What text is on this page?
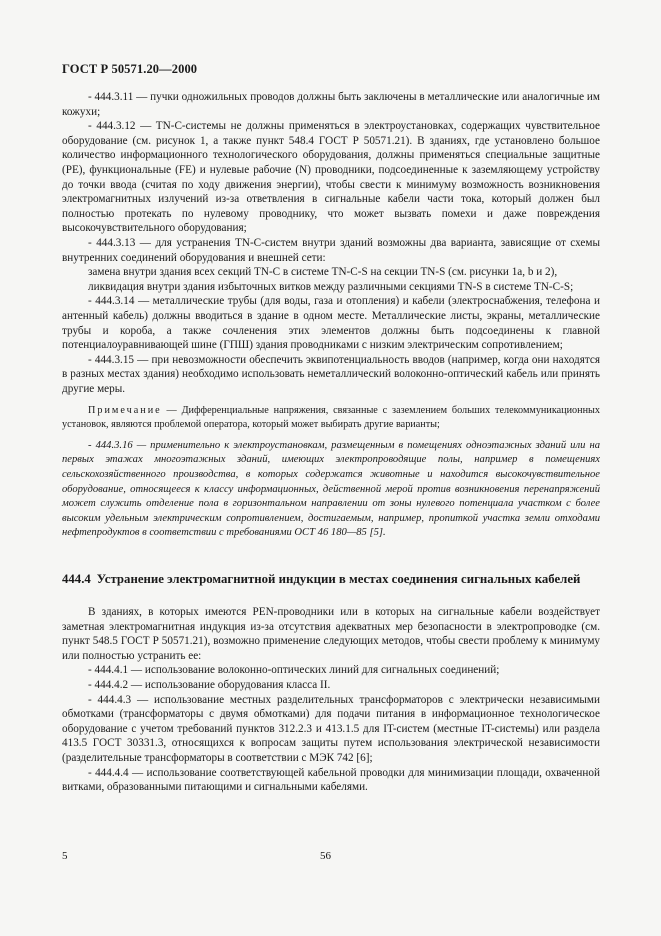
ГОСТ Р 50571.20—2000

- 444.3.11 — пучки одножильных проводов должны быть заключены в металлические или аналогичные им кожухи;

- 444.3.12 — TN-C-системы не должны применяться в электроустановках, содержащих чувствительное оборудование (см. рисунок 1, а также пункт 548.4 ГОСТ Р 50571.21). В зданиях, где установлено большое количество информационного технологического оборудования, должны применяться специальные защитные (PE), функциональные (FE) и нулевые рабочие (N) проводники, подсоединенные к заземляющему устройству до точки ввода (считая по ходу движения энергии), чтобы свести к минимуму возможность возникновения электромагнитных излучений из-за ответвления в сигнальные кабели части тока, который должен был полностью протекать по нулевому проводнику, что может вызвать помехи и даже повреждения высокочувствительного оборудования;

- 444.3.13 — для устранения TN-C-систем внутри зданий возможны два варианта, зависящие от схемы внутренних соединений оборудования и внешней сети:

замена внутри здания всех секций TN-C в системе TN-C-S на секции TN-S (см. рисунки 1a, b и 2),

ликвидация внутри здания избыточных витков между различными секциями TN-S в системе TN-C-S;

- 444.3.14 — металлические трубы (для воды, газа и отопления) и кабели (электроснабжения, телефона и антенный кабель) должны вводиться в здание в одном месте. Металлические листы, экраны, металлические трубы и короба, а также сочленения этих элементов должны быть подсоединены к главной потенциалоуравнивающей шине (ГПШ) здания проводниками с низким электрическим сопротивлением;

- 444.3.15 — при невозможности обеспечить эквипотенциальность вводов (например, когда они находятся в разных местах здания) необходимо использовать неметаллический волоконно-оптический кабель или принять другие меры.

Примечание — Дифференциальные напряжения, связанные с заземлением больших телекоммуникационных установок, являются проблемой оператора, который может выбирать другие варианты;

- 444.3.16 — применительно к электроустановкам, размещенным в помещениях одноэтажных зданий или на первых этажах многоэтажных зданий, имеющих электропроводящие полы, например в помещениях сельскохозяйственного производства, в которых содержатся животные и находится высокочувствительное оборудование, относящееся к классу информационных, действенной мерой против возникновения перенапряжений может служить отделение пола в горизонтальном направлении от зоны нулевого потенциала участком с более высоким удельным электрическим сопротивлением, достигаемым, например, пропиткой участка земли отходами нефтепродуктов в соответствии с требованиями ОСТ 46 180—85 [5].

444.4 Устранение электромагнитной индукции в местах соединения сигнальных кабелей

В зданиях, в которых имеются PEN-проводники или в которых на сигнальные кабели воздействует заметная электромагнитная индукция из-за отсутствия адекватных мер безопасности в электропроводке (см. пункт 548.5 ГОСТ Р 50571.21), возможно применение следующих методов, чтобы свести проблему к минимуму или полностью устранить ее:

- 444.4.1 — использование волоконно-оптических линий для сигнальных соединений;

- 444.4.2 — использование оборудования класса II.

- 444.4.3 — использование местных разделительных трансформаторов с электрически независимыми обмотками (трансформаторы с двумя обмотками) для подачи питания в информационное технологическое оборудование с учетом требований пунктов 312.2.3 и 413.1.5 для IT-систем (местные IT-системы) или раздела 413.5 ГОСТ 30331.3, относящихся к вопросам защиты путем использования электрической независимости (разделительные трансформаторы в соответствии с МЭК 742 [6];

- 444.4.4 — использование соответствующей кабельной проводки для минимизации площади, охваченной витками, образованными питающими и сигнальными кабелями.

5	56
